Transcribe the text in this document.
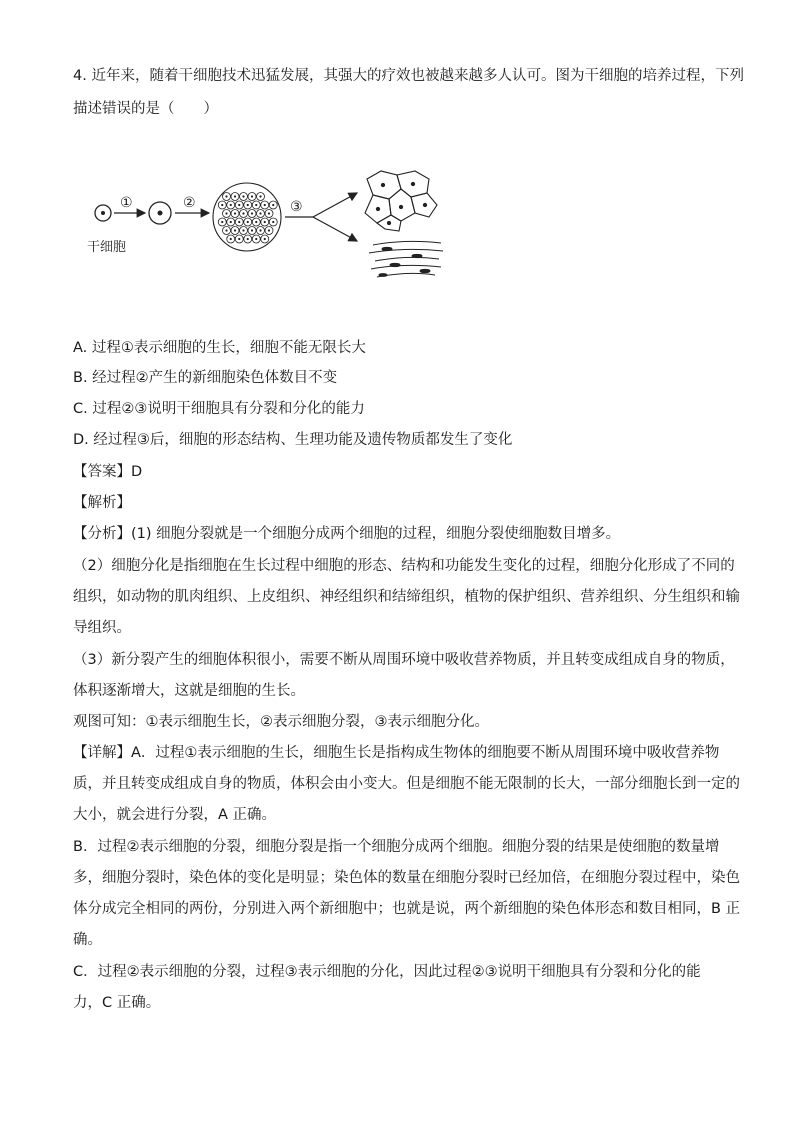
4. 近年来，随着干细胞技术迅猛发展，其强大的疗效也被越来越多人认可。图为干细胞的培养过程，下列
描述错误的是（　　）
干细胞
①	②	③
A. 过程①表示细胞的生长，细胞不能无限长大
B. 经过程②产生的新细胞染色体数目不变
C. 过程②③说明干细胞具有分裂和分化的能力
D. 经过程③后，细胞的形态结构、生理功能及遗传物质都发生了变化
【答案】D
【解析】
【分析】(1) 细胞分裂就是一个细胞分成两个细胞的过程，细胞分裂使细胞数目增多。
（2）细胞分化是指细胞在生长过程中细胞的形态、结构和功能发生变化的过程，细胞分化形成了不同的
组织，如动物的肌肉组织、上皮组织、神经组织和结缔组织，植物的保护组织、营养组织、分生组织和输
导组织。
（3）新分裂产生的细胞体积很小，需要不断从周围环境中吸收营养物质，并且转变成组成自身的物质，
体积逐渐增大，这就是细胞的生长。
观图可知：①表示细胞生长，②表示细胞分裂，③表示细胞分化。
【详解】A．过程①表示细胞的生长，细胞生长是指构成生物体的细胞要不断从周围环境中吸收营养物
质，并且转变成组成自身的物质，体积会由小变大。但是细胞不能无限制的长大，一部分细胞长到一定的
大小，就会进行分裂，A 正确。
B．过程②表示细胞的分裂，细胞分裂是指一个细胞分成两个细胞。细胞分裂的结果是使细胞的数量增
多，细胞分裂时，染色体的变化是明显；染色体的数量在细胞分裂时已经加倍，在细胞分裂过程中，染色
体分成完全相同的两份，分别进入两个新细胞中；也就是说，两个新细胞的染色体形态和数目相同，B 正
确。
C．过程②表示细胞的分裂，过程③表示细胞的分化，因此过程②③说明干细胞具有分裂和分化的能
力，C 正确。
